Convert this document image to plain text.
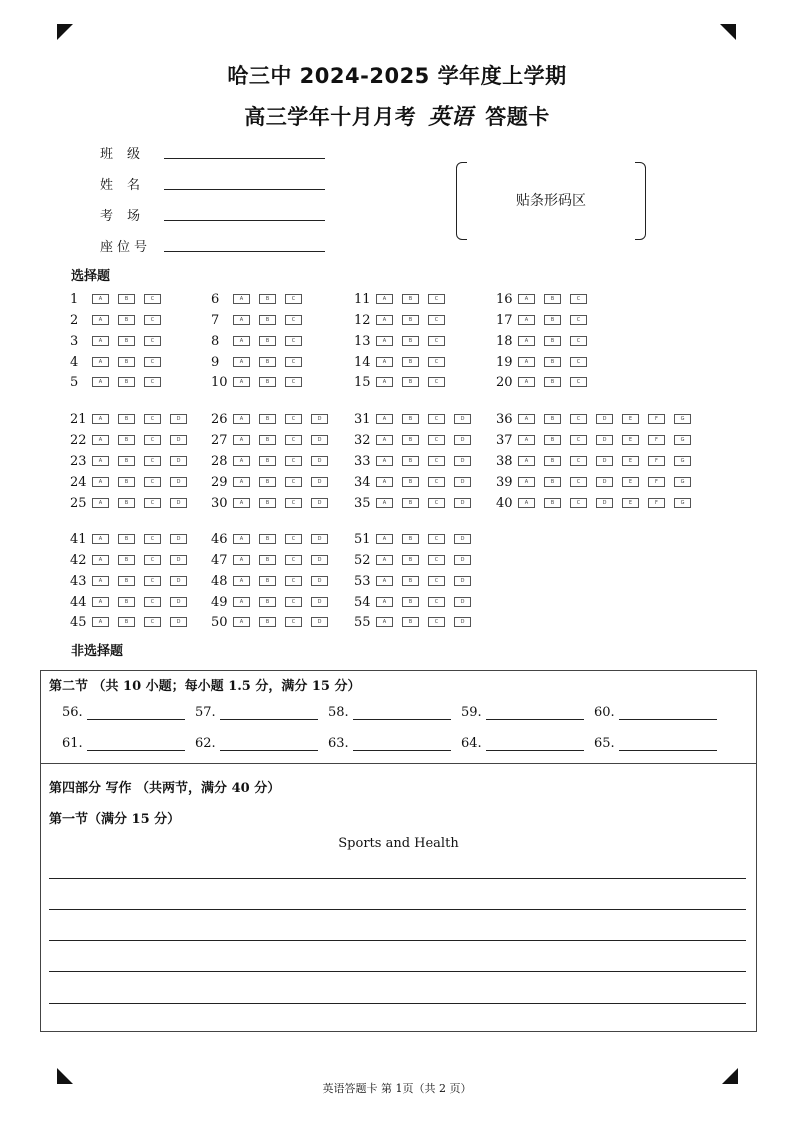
哈三中 2024-2025 学年度上学期
高三学年十月月考 英语 答题卡
班级
姓名
考场
座位号
贴条形码区
选择题
1	A	B	C
2	A	B	C
3	A	B	C
4	A	B	C
5	A	B	C
6	A	B	C
7	A	B	C
8	A	B	C
9	A	B	C
10	A	B	C
11	A	B	C
12	A	B	C
13	A	B	C
14	A	B	C
15	A	B	C
16	A	B	C
17	A	B	C
18	A	B	C
19	A	B	C
20	A	B	C
21	A	B	C	D
22	A	B	C	D
23	A	B	C	D
24	A	B	C	D
25	A	B	C	D
26	A	B	C	D
27	A	B	C	D
28	A	B	C	D
29	A	B	C	D
30	A	B	C	D
31	A	B	C	D
32	A	B	C	D
33	A	B	C	D
34	A	B	C	D
35	A	B	C	D
36	A	B	C	D	E	F	G
37	A	B	C	D	E	F	G
38	A	B	C	D	E	F	G
39	A	B	C	D	E	F	G
40	A	B	C	D	E	F	G
41	A	B	C	D
42	A	B	C	D
43	A	B	C	D
44	A	B	C	D
45	A	B	C	D
46	A	B	C	D
47	A	B	C	D
48	A	B	C	D
49	A	B	C	D
50	A	B	C	D
51	A	B	C	D
52	A	B	C	D
53	A	B	C	D
54	A	B	C	D
55	A	B	C	D
非选择题
第二节 （共 10 小题；每小题 1.5 分，满分 15 分）
56.	57.	58.	59.	60.
61.	62.	63.	64.	65.
第四部分 写作 （共两节，满分 40 分）
第一节（满分 15 分）
Sports and Health
英语答题卡 第 1页（共 2 页）
